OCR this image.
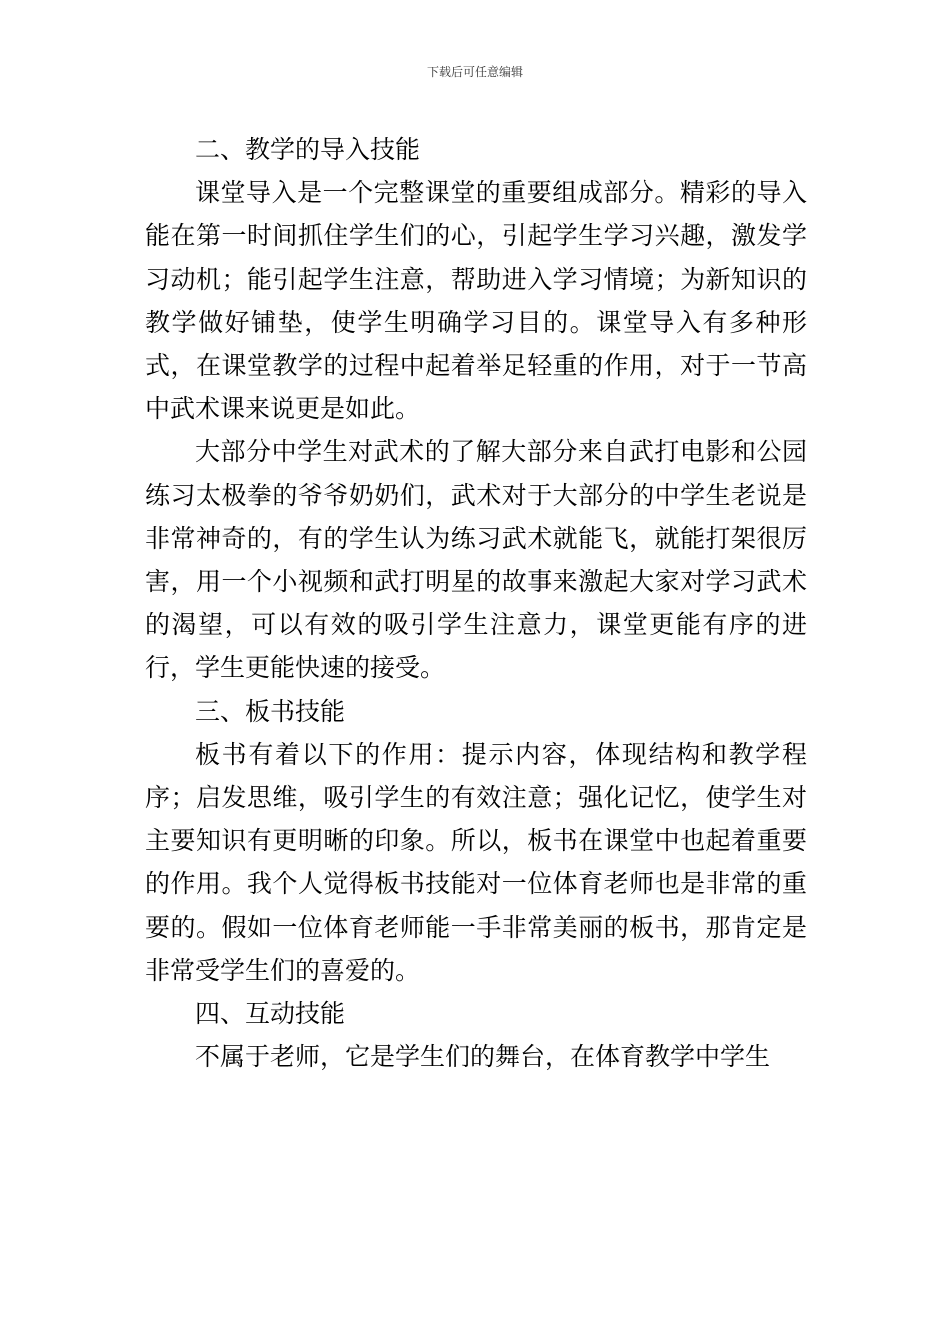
下载后可任意编辑

二、教学的导入技能

课堂导入是一个完整课堂的重要组成部分。精彩的导入能在第一时间抓住学生们的心，引起学生学习兴趣，激发学习动机；能引起学生注意，帮助进入学习情境；为新知识的教学做好铺垫，使学生明确学习目的。课堂导入有多种形式，在课堂教学的过程中起着举足轻重的作用，对于一节高中武术课来说更是如此。

大部分中学生对武术的了解大部分来自武打电影和公园练习太极拳的爷爷奶奶们，武术对于大部分的中学生老说是非常神奇的，有的学生认为练习武术就能飞，就能打架很厉害，用一个小视频和武打明星的故事来激起大家对学习武术的渴望，可以有效的吸引学生注意力，课堂更能有序的进行，学生更能快速的接受。

三、板书技能

板书有着以下的作用：提示内容，体现结构和教学程序；启发思维，吸引学生的有效注意；强化记忆，使学生对主要知识有更明晰的印象。所以，板书在课堂中也起着重要的作用。我个人觉得板书技能对一位体育老师也是非常的重要的。假如一位体育老师能一手非常美丽的板书，那肯定是非常受学生们的喜爱的。

四、互动技能

不属于老师，它是学生们的舞台，在体育教学中学生
